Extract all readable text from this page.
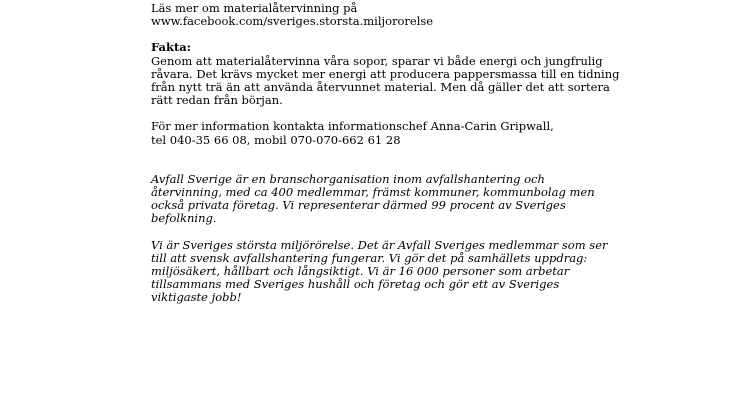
Läs mer om materialåtervinning på
www.facebook.com/sveriges.storsta.miljororelse
Fakta:
Genom att materialåtervinna våra sopor, sparar vi både energi och jungfrulig
råvara. Det krävs mycket mer energi att producera pappersmassa till en tidning
från nytt trä än att använda återvunnet material. Men då gäller det att sortera
rätt redan från början.
För mer information kontakta informationschef Anna-Carin Gripwall,
tel 040-35 66 08, mobil 070-070-662 61 28
Avfall Sverige är en branschorganisation inom avfallshantering och
återvinning, med ca 400 medlemmar, främst kommuner, kommunbolag men
också privata företag. Vi representerar därmed 99 procent av Sveriges
befolkning.
Vi är Sveriges största miljörörelse. Det är Avfall Sveriges medlemmar som ser
till att svensk avfallshantering fungerar. Vi gör det på samhällets uppdrag:
miljösäkert, hållbart och långsiktigt. Vi är 16 000 personer som arbetar
tillsammans med Sveriges hushåll och företag och gör ett av Sveriges
viktigaste jobb!
